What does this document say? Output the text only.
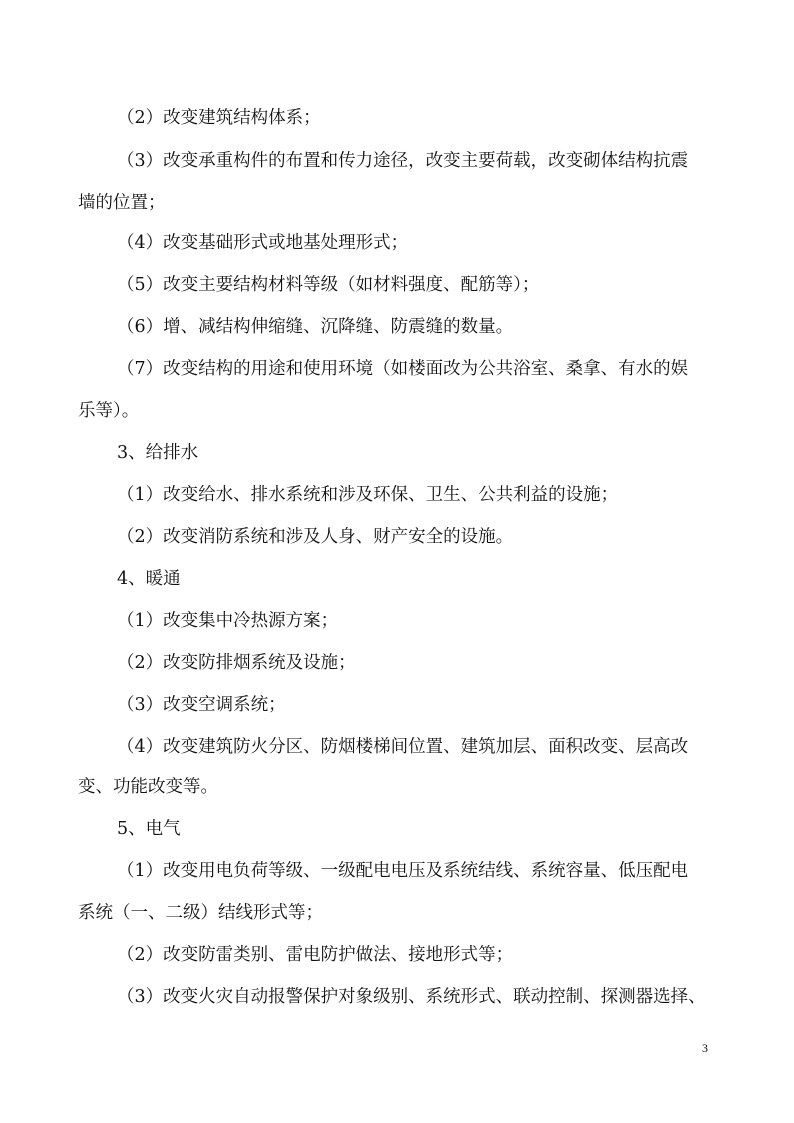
（2）改变建筑结构体系；
（3）改变承重构件的布置和传力途径，改变主要荷载，改变砌体结构抗震
墙的位置；
（4）改变基础形式或地基处理形式；
（5）改变主要结构材料等级（如材料强度、配筋等）；
（6）增、减结构伸缩缝、沉降缝、防震缝的数量。
（7）改变结构的用途和使用环境（如楼面改为公共浴室、桑拿、有水的娱
乐等）。
3、给排水
（1）改变给水、排水系统和涉及环保、卫生、公共利益的设施；
（2）改变消防系统和涉及人身、财产安全的设施。
4、暖通
（1）改变集中冷热源方案；
（2）改变防排烟系统及设施；
（3）改变空调系统；
（4）改变建筑防火分区、防烟楼梯间位置、建筑加层、面积改变、层高改
变、功能改变等。
5、电气
（1）改变用电负荷等级、一级配电电压及系统结线、系统容量、低压配电
系统（一、二级）结线形式等；
（2）改变防雷类别、雷电防护做法、接地形式等；
（3）改变火灾自动报警保护对象级别、系统形式、联动控制、探测器选择、
3
